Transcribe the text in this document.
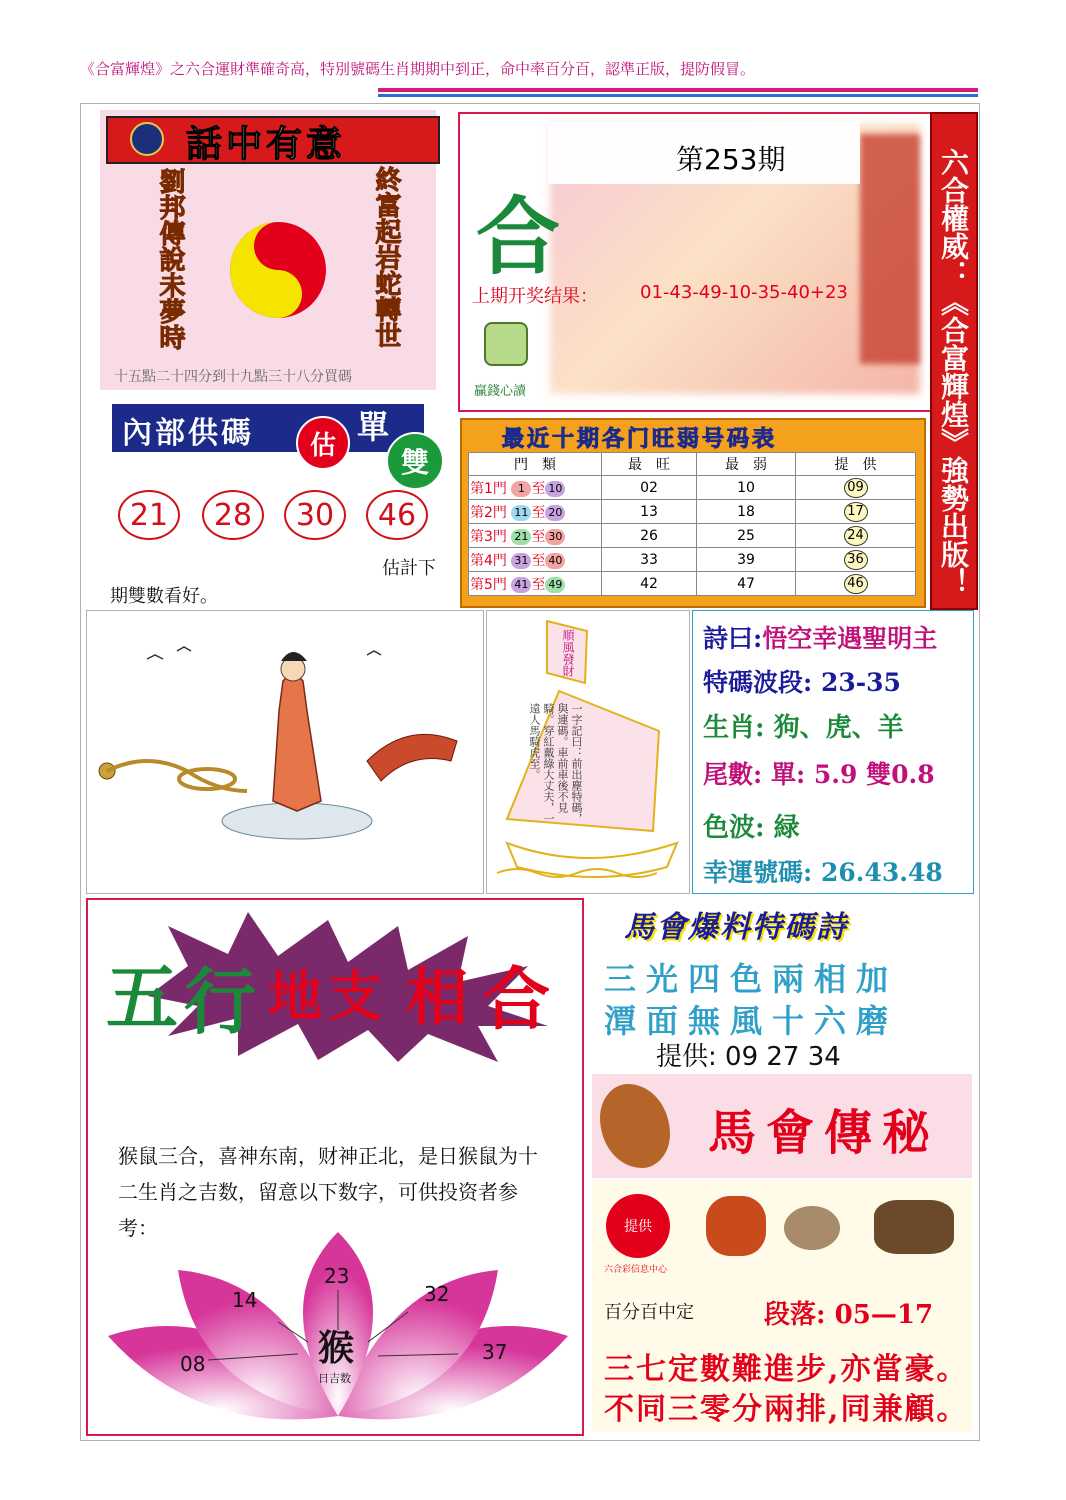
《合富輝煌》之六合運財準確奇高，特別號碼生肖期期中到正，命中率百分百，認準正版，提防假冒。
話中有意
劉邦傳說未夢時	終富起岩蛇轉世
十五點二十四分到十九點三十八分買碼
第253期
合
上期开奖结果： 01-43-49-10-35-40+23
贏錢心讀	六合權威：《合富輝煌》強勢出版！
內部供碼 估 單
雙
21	28	30	46
估計下
期雙數看好。
最近十期各门旺弱号码表
門　類	最　旺	最　弱	提　供
第1門 1 至 10	02	10	09
第2門 11 至 20	13	18	17
第3門 21 至 30	26	25	24
第4門 31 至 40	33	39	36
第5門 41 至 49	42	47	46
順風發財
一字記曰：前出塵特碼，與連碼。車前車後不見騎。穿紅戴綠大丈夫，一遠人馬騎虎至。
詩曰:悟空幸遇聖明主
特碼波段: 23-35
生肖: 狗、虎、羊
尾數: 單: 5.9 雙0.8
色波: 緑
幸運號碼: 26.43.48
五 行 地 支 相 合
猴鼠三合，喜神东南，财神正北，是日猴鼠为十二生肖之吉数，留意以下数字，可供投资者参考：
08
14
23
32
37
猴
日吉数
馬會爆料特碼詩
三光四色兩相加
潭面無風十六磨
提供: 09 27 34
馬會傳秘
提供
六合彩信息中心
百分百中定	段落: 05—17
三七定數難進步,亦當豪。
不同三零分兩排,同兼顧。
